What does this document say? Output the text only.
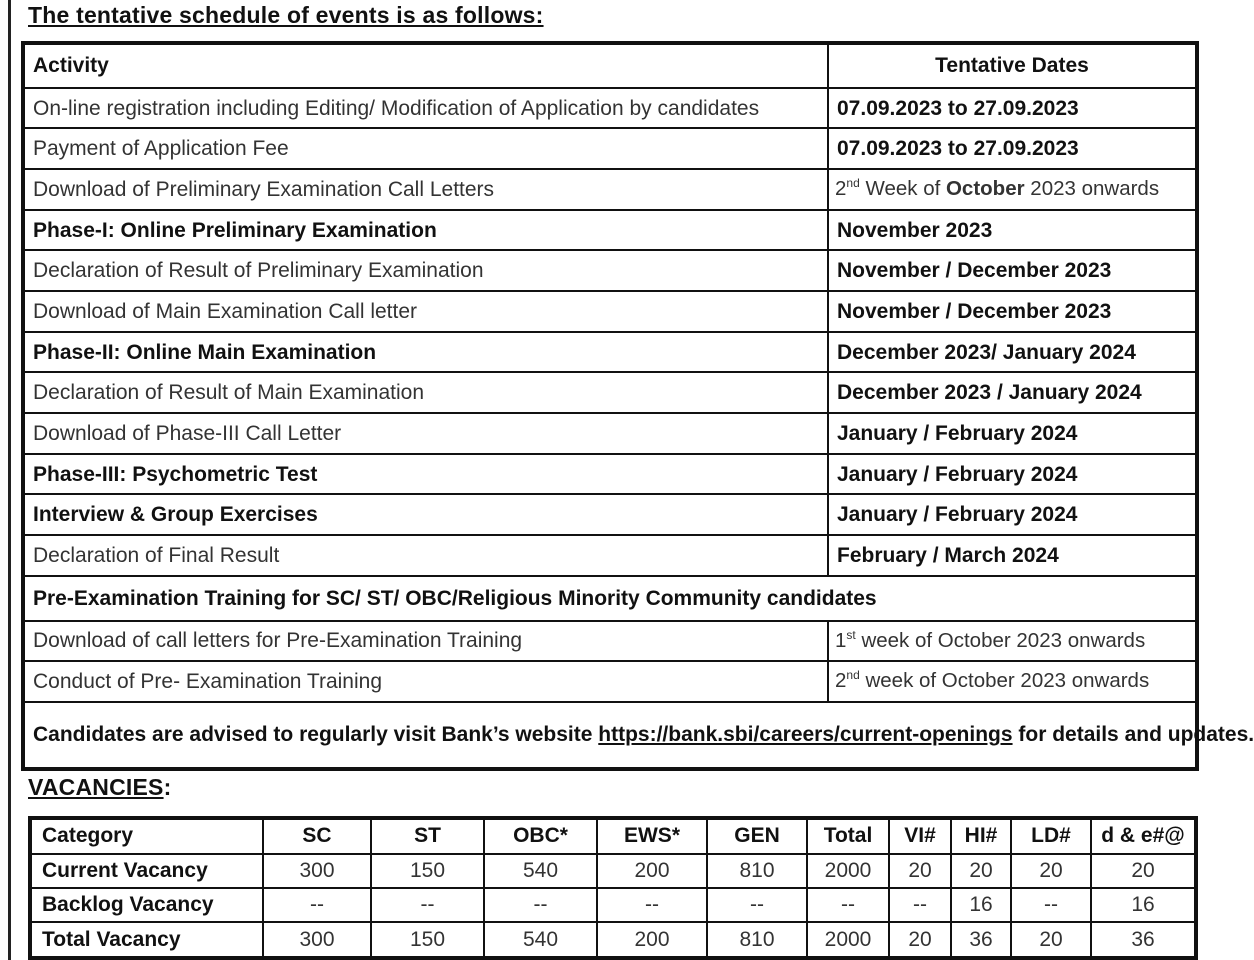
The tentative schedule of events is as follows:
Activity	Tentative Dates
On-line registration including Editing/ Modification of Application by candidates	07.09.2023 to 27.09.2023
Payment of Application Fee	07.09.2023 to 27.09.2023
Download of Preliminary Examination Call Letters	2nd Week of October 2023 onwards
Phase-I: Online Preliminary Examination	November 2023
Declaration of Result of Preliminary Examination	November / December 2023
Download of Main Examination Call letter	November / December 2023
Phase-II: Online Main Examination	December 2023/ January 2024
Declaration of Result of Main Examination	December 2023 / January 2024
Download of Phase-III Call Letter	January / February 2024
Phase-III: Psychometric Test	January / February 2024
Interview & Group Exercises	January / February 2024
Declaration of Final Result	February / March 2024
Pre-Examination Training for SC/ ST/ OBC/Religious Minority Community candidates	
Download of call letters for Pre-Examination Training	1st week of October 2023 onwards
Conduct of Pre- Examination Training	2nd week of October 2023 onwards
Candidates are advised to regularly visit Bank’s website https://bank.sbi/careers/current-openings for details and updates.	
VACANCIES:
Category	SC	ST	OBC*	EWS*	GEN	Total	VI#	HI#	LD#	d & e#@
Current Vacancy	300	150	540	200	810	2000	20	20	20	20
Backlog Vacancy	--	--	--	--	--	--	--	16	--	16
Total Vacancy	300	150	540	200	810	2000	20	36	20	36
